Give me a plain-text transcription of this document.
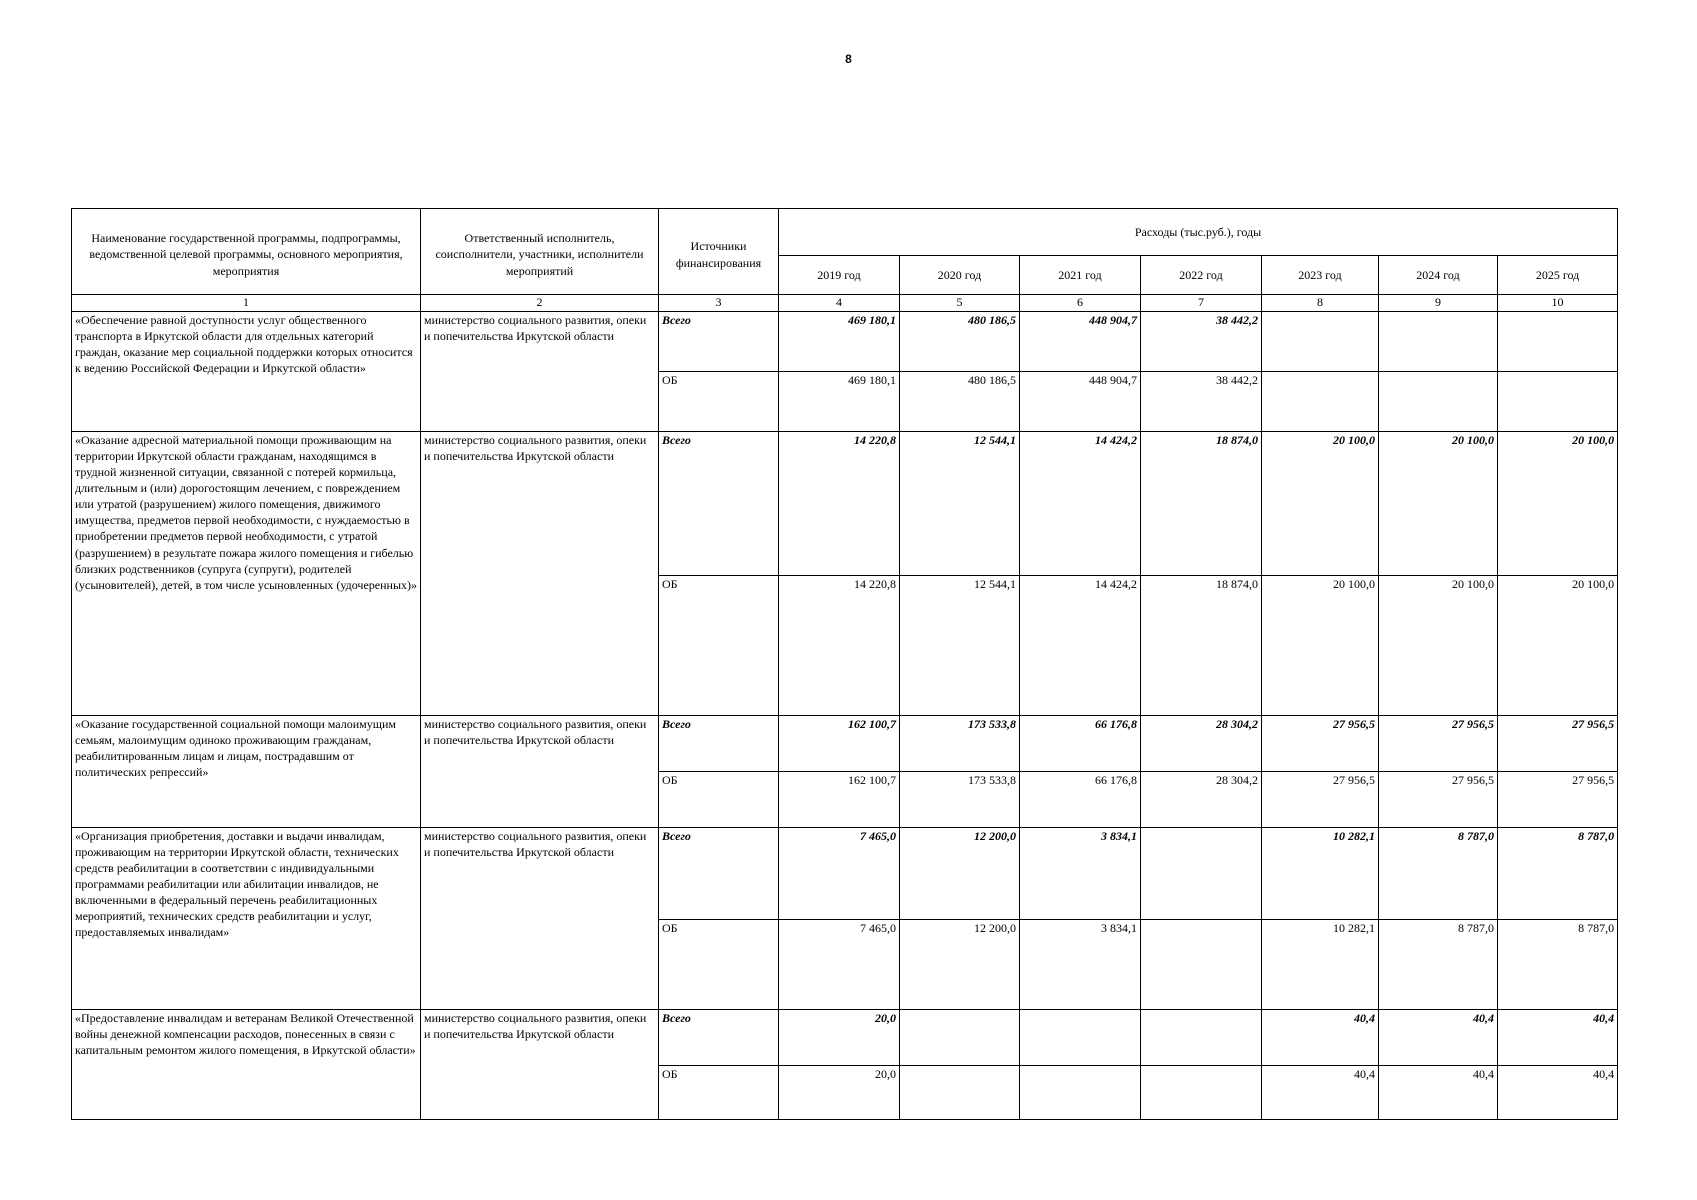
8
Наименование государственной программы, подпрограммы, ведомственной целевой программы, основного мероприятия, мероприятия	Ответственный исполнитель, соисполнители, участники, исполнители мероприятий	Источники финансирования	Расходы (тыс.руб.), годы						
			2019 год	2020 год	2021 год	2022 год	2023 год	2024 год	2025 год
1	2	3	4	5	6	7	8	9	10
«Обеспечение равной доступности услуг общественного транспорта в Иркутской области для отдельных категорий граждан, оказание мер социальной поддержки которых относится к ведению Российской Федерации и Иркутской области»	министерство социального развития, опеки и попечительства Иркутской области	Всего	469 180,1	480 186,5	448 904,7	38 442,2			
		ОБ	469 180,1	480 186,5	448 904,7	38 442,2			
«Оказание адресной материальной помощи проживающим на территории Иркутской области гражданам, находящимся в трудной жизненной ситуации, связанной с потерей кормильца, длительным и (или) дорогостоящим лечением, с повреждением или утратой (разрушением) жилого помещения, движимого имущества, предметов первой необходимости, с нуждаемостью в приобретении предметов первой необходимости, с утратой (разрушением) в результате пожара жилого помещения и гибелью близких родственников (супруга (супруги), родителей (усыновителей), детей, в том числе усыновленных (удочеренных)»	министерство социального развития, опеки и попечительства Иркутской области	Всего	14 220,8	12 544,1	14 424,2	18 874,0	20 100,0	20 100,0	20 100,0
		ОБ	14 220,8	12 544,1	14 424,2	18 874,0	20 100,0	20 100,0	20 100,0
«Оказание государственной социальной помощи малоимущим семьям, малоимущим одиноко проживающим гражданам, реабилитированным лицам и лицам, пострадавшим от политических репрессий»	министерство социального развития, опеки и попечительства Иркутской области	Всего	162 100,7	173 533,8	66 176,8	28 304,2	27 956,5	27 956,5	27 956,5
		ОБ	162 100,7	173 533,8	66 176,8	28 304,2	27 956,5	27 956,5	27 956,5
«Организация приобретения, доставки и выдачи инвалидам, проживающим на территории Иркутской области, технических средств реабилитации в соответствии с индивидуальными программами реабилитации или абилитации инвалидов, не включенными в федеральный перечень реабилитационных мероприятий, технических средств реабилитации и услуг, предоставляемых инвалидам»	министерство социального развития, опеки и попечительства Иркутской области	Всего	7 465,0	12 200,0	3 834,1		10 282,1	8 787,0	8 787,0
		ОБ	7 465,0	12 200,0	3 834,1		10 282,1	8 787,0	8 787,0
«Предоставление инвалидам и ветеранам Великой Отечественной войны денежной компенсации расходов, понесенных в связи с капитальным ремонтом жилого помещения, в Иркутской области»	министерство социального развития, опеки и попечительства Иркутской области	Всего	20,0				40,4	40,4	40,4
		ОБ	20,0				40,4	40,4	40,4
